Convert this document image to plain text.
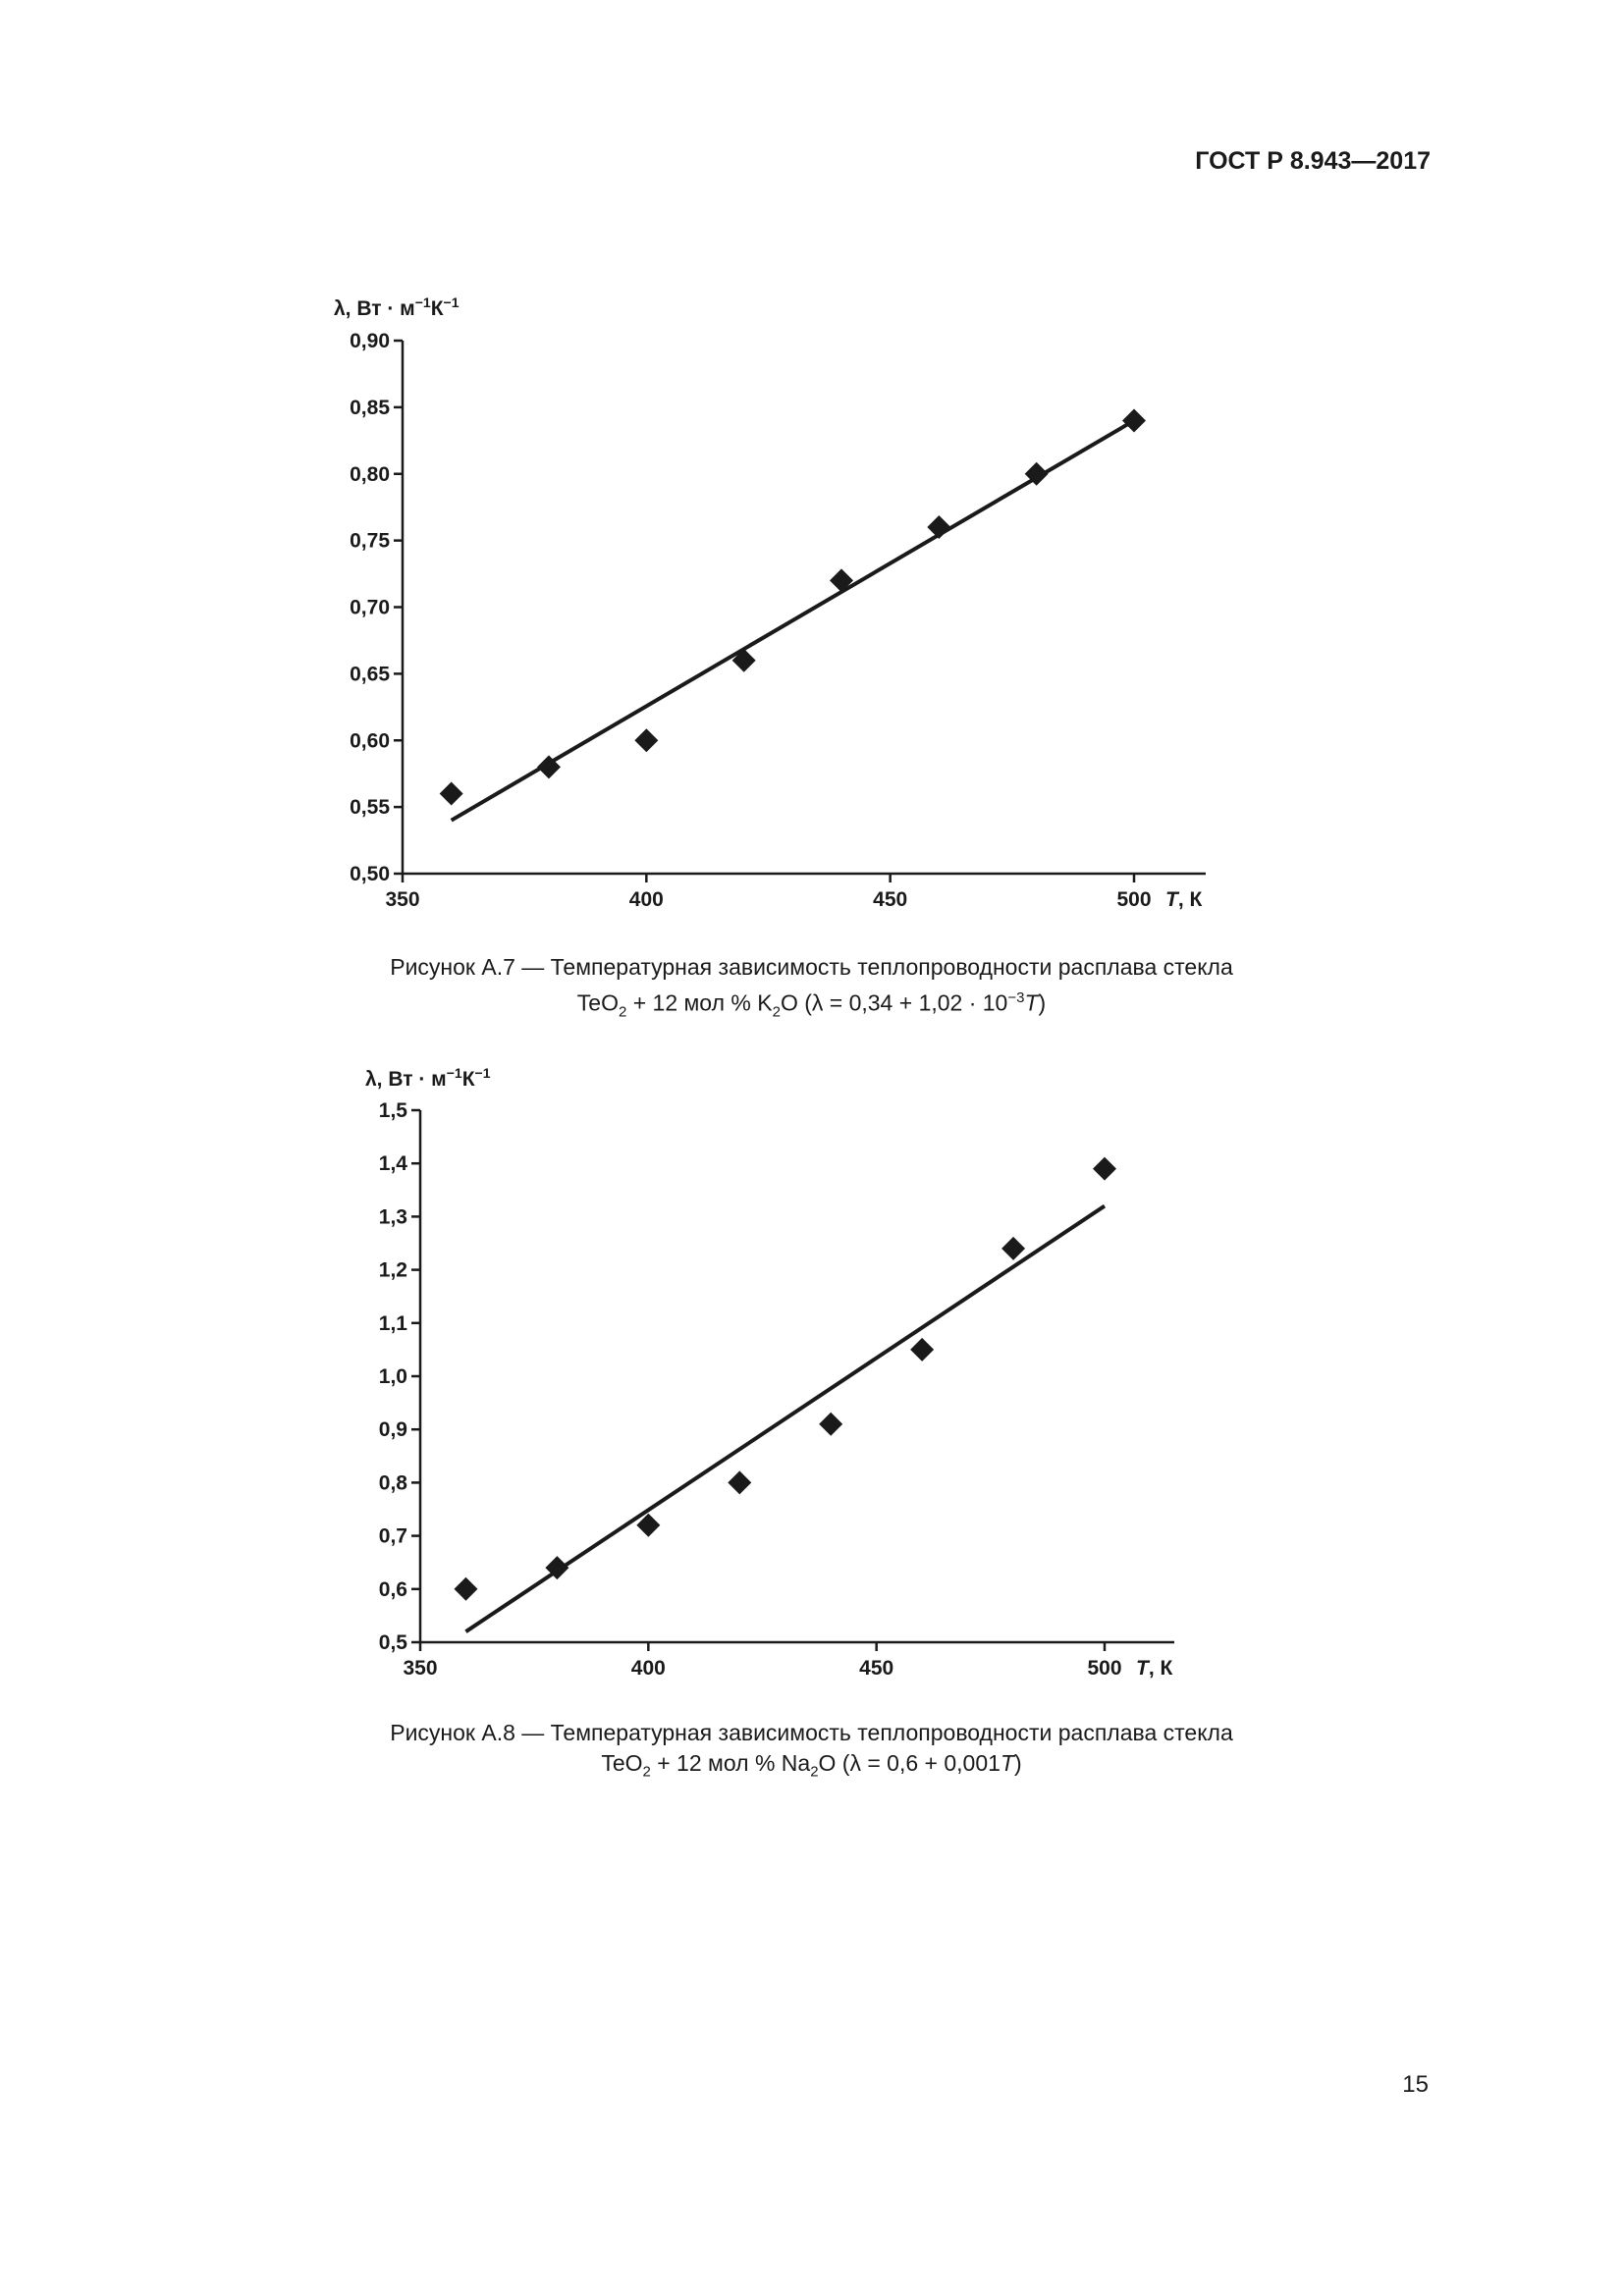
ГОСТ Р 8.943—2017
λ, Вт · $м^{-1}К^{-1}$
0,50
0,55
0,60
0,65
0,70
0,75
0,80
0,85
0,90
350	400	450	500 T, К
Рисунок А.7 — Температурная зависимость теплопроводности расплава стекла
TeO$_2$ + 12 мол % $K_2O$ $(\lambda = 0,34 + 1,02 \cdot 10^{-3}T)$
λ, Вт · $м^{-1}К^{-1}$
0,5
0,6
0,7
0,8
0,9
1,0
1,1
1,2
1,3
1,4
1,5
350	400	450	500 T, К
Рисунок А.8 — Температурная зависимость теплопроводности расплава стекла
TeO$_2$ + 12 мол % $Na_2O$ (λ = 0,6 + 0,001T)
15
